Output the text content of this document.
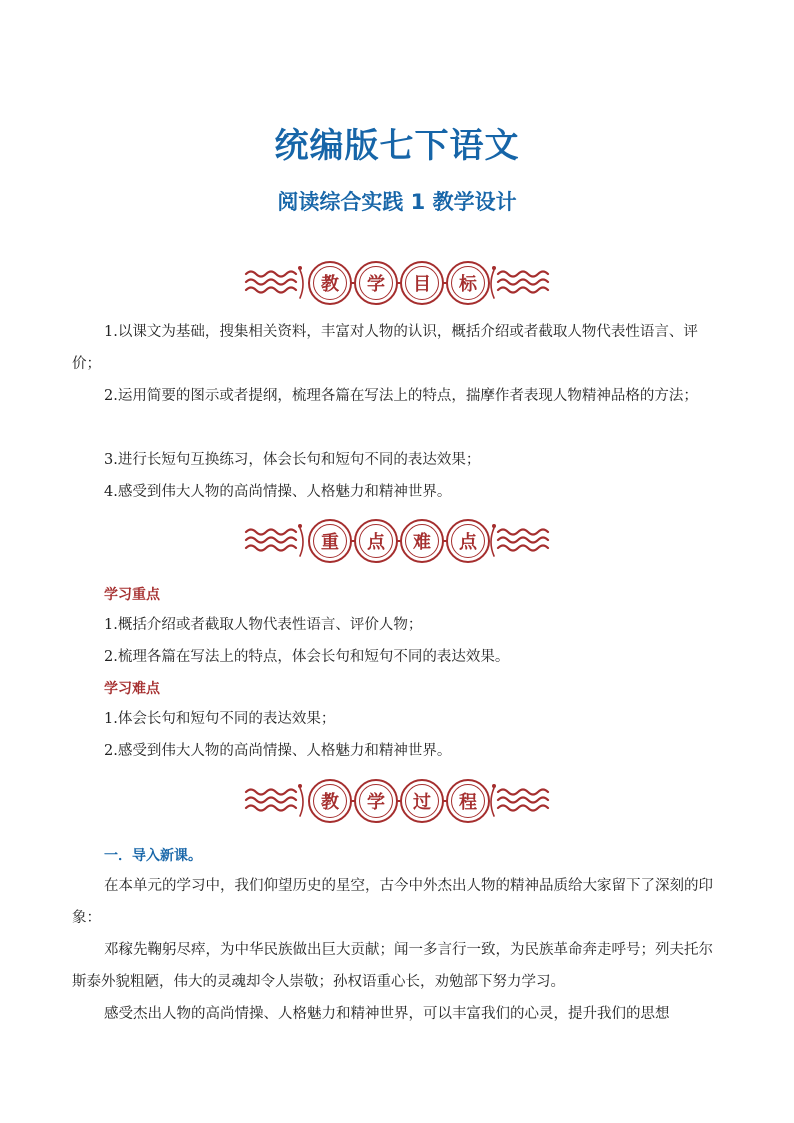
统编版七下语文
阅读综合实践 1 教学设计
教	学	目	标
1.以课文为基础，搜集相关资料，丰富对人物的认识，概括介绍或者截取人物代表性语言、评价；
2.运用简要的图示或者提纲，梳理各篇在写法上的特点，揣摩作者表现人物精神品格的方法；
3.进行长短句互换练习，体会长句和短句不同的表达效果；
4.感受到伟大人物的高尚情操、人格魅力和精神世界。
重	点	难	点
学习重点
1.概括介绍或者截取人物代表性语言、评价人物；
2.梳理各篇在写法上的特点，体会长句和短句不同的表达效果。
学习难点
1.体会长句和短句不同的表达效果；
2.感受到伟大人物的高尚情操、人格魅力和精神世界。
教	学	过	程
一．导入新课。
在本单元的学习中，我们仰望历史的星空，古今中外杰出人物的精神品质给大家留下了深刻的印象：
邓稼先鞠躬尽瘁，为中华民族做出巨大贡献；闻一多言行一致，为民族革命奔走呼号；列夫托尔斯泰外貌粗陋，伟大的灵魂却令人崇敬；孙权语重心长，劝勉部下努力学习。
感受杰出人物的高尚情操、人格魅力和精神世界，可以丰富我们的心灵，提升我们的思想
